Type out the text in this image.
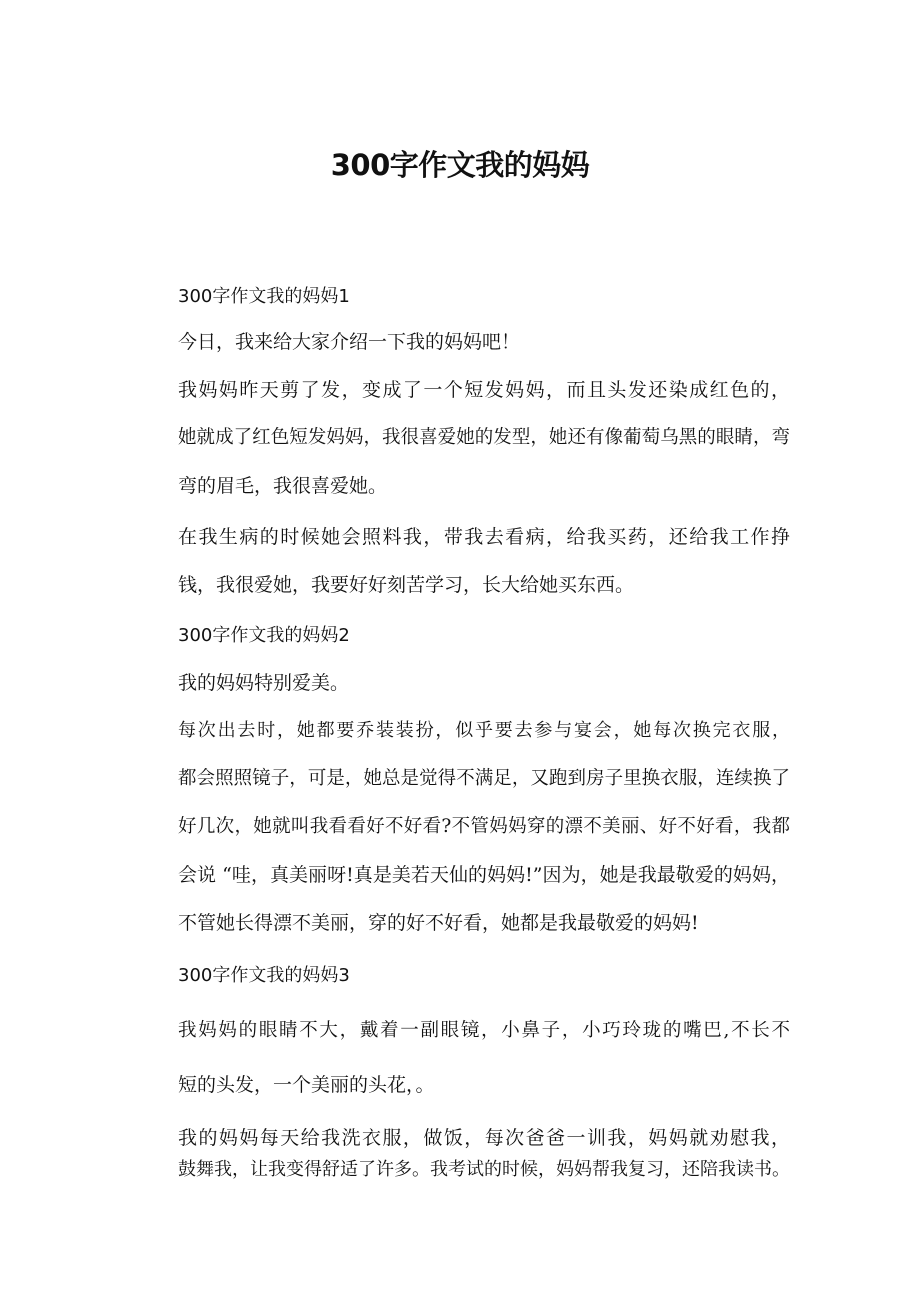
300字作文我的妈妈
300字作文我的妈妈1
今日，我来给大家介绍一下我的妈妈吧！
我妈妈昨天剪了发，变成了一个短发妈妈，而且头发还染成红色的，
她就成了红色短发妈妈，我很喜爱她的发型，她还有像葡萄乌黑的眼睛，弯
弯的眉毛，我很喜爱她。
在我生病的时候她会照料我，带我去看病，给我买药，还给我工作挣
钱，我很爱她，我要好好刻苦学习，长大给她买东西。
300字作文我的妈妈2
我的妈妈特别爱美。
每次出去时，她都要乔装装扮，似乎要去参与宴会，她每次换完衣服，
都会照照镜子，可是，她总是觉得不满足，又跑到房子里换衣服，连续换了
好几次，她就叫我看看好不好看?不管妈妈穿的漂不美丽、好不好看，我都
会说 “哇，真美丽呀!真是美若天仙的妈妈!”因为，她是我最敬爱的妈妈，
不管她长得漂不美丽，穿的好不好看，她都是我最敬爱的妈妈!
300字作文我的妈妈3
我妈妈的眼睛不大，戴着一副眼镜，小鼻子，小巧玲珑的嘴巴,不长不
短的头发，一个美丽的头花，。
我的妈妈每天给我洗衣服，做饭，每次爸爸一训我，妈妈就劝慰我，
鼓舞我，让我变得舒适了许多。我考试的时候，妈妈帮我复习，还陪我读书。
